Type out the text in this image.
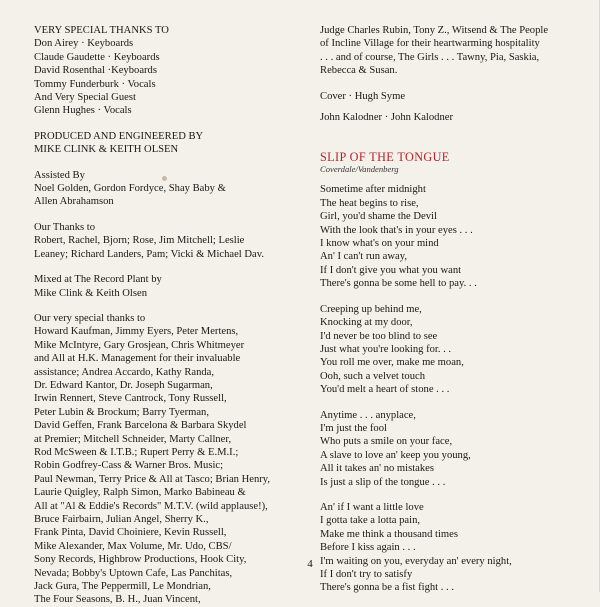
VERY SPECIAL THANKS TO
Don Airey · Keyboards
Claude Gaudette · Keyboards
David Rosenthal ·Keyboards
Tommy Funderburk · Vocals
And Very Special Guest
Glenn Hughes · Vocals
PRODUCED AND ENGINEERED BY
MIKE CLINK & KEITH OLSEN
Assisted By
Noel Golden, Gordon Fordyce, Shay Baby &
Allen Abrahamson
Our Thanks to
Robert, Rachel, Bjorn; Rose, Jim Mitchell; Leslie
Leaney; Richard Landers, Pam; Vicki & Michael Dav.
Mixed at The Record Plant by
Mike Clink & Keith Olsen
Our very special thanks to
Howard Kaufman, Jimmy Eyers, Peter Mertens,
Mike McIntyre, Gary Grosjean, Chris Whitmeyer
and All at H.K. Management for their invaluable
assistance; Andrea Accardo, Kathy Randa,
Dr. Edward Kantor, Dr. Joseph Sugarman,
Irwin Rennert, Steve Cantrock, Tony Russell,
Peter Lubin & Brockum; Barry Tyerman,
David Geffen, Frank Barcelona & Barbara Skydel
at Premier; Mitchell Schneider, Marty Callner,
Rod McSween & I.T.B.; Rupert Perry & E.M.I.;
Robin Godfrey-Cass & Warner Bros. Music;
Paul Newman, Terry Price & All at Tasco; Brian Henry,
Laurie Quigley, Ralph Simon, Marko Babineau &
All at "Al & Eddie's Records" M.T.V. (wild applause!),
Bruce Fairbairn, Julian Angel, Sherry K.,
Frank Pinta, David Choiniere, Kevin Russell,
Mike Alexander, Max Volume, Mr. Udo, CBS/
Sony Records, Highbrow Productions, Hook City,
Nevada; Bobby's Uptown Cafe, Las Panchitas,
Jack Gura, The Peppermill, Le Mondrian,
The Four Seasons, B. H., Juan Vincent,
Judge Charles Rubin, Tony Z., Witsend & The People
of Incline Village for their heartwarming hospitality
. . . and of course, The Girls . . . Tawny, Pia, Saskia,
Rebecca & Susan.
Cover · Hugh Syme
John Kalodner · John Kalodner
SLIP OF THE TONGUE
Coverdale/Vandenberg
Sometime after midnight
The heat begins to rise,
Girl, you'd shame the Devil
With the look that's in your eyes . . .
I know what's on your mind
An' I can't run away,
If I don't give you what you want
There's gonna be some hell to pay. . .
Creeping up behind me,
Knocking at my door,
I'd never be too blind to see
Just what you're looking for. . .
You roll me over, make me moan,
Ooh, such a velvet touch
You'd melt a heart of stone . . .
Anytime . . . anyplace,
I'm just the fool
Who puts a smile on your face,
A slave to love an' keep you young,
All it takes an' no mistakes
Is just a slip of the tongue . . .
An' if I want a little love
I gotta take a lotta pain,
Make me think a thousand times
Before I kiss again . . .
I'm waiting on you, everyday an' every night,
If I don't try to satisfy
There's gonna be a fist fight . . .
4
